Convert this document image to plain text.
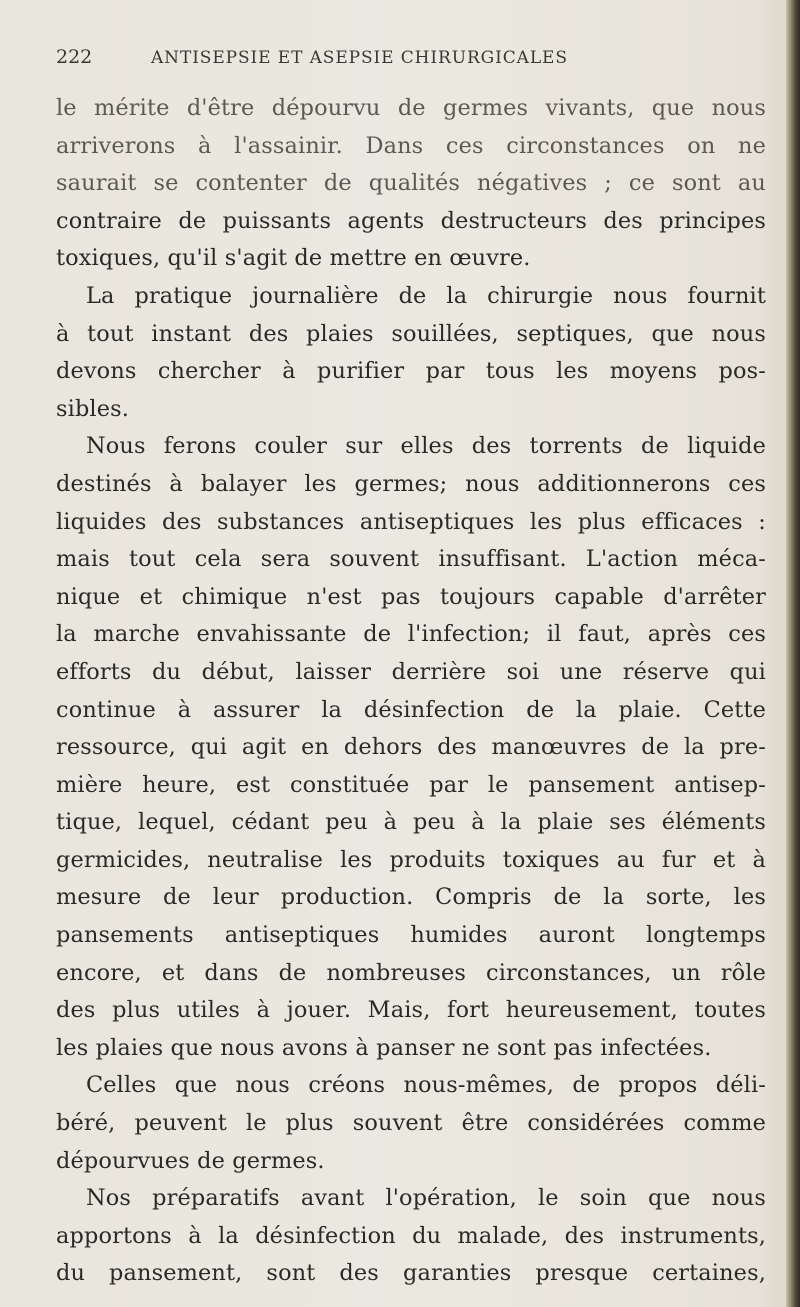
222	ANTISEPSIE ET ASEPSIE CHIRURGICALES
le mérite d'être dépourvu de germes vivants, que nous
arriverons à l'assainir. Dans ces circonstances on ne
saurait se contenter de qualités négatives ; ce sont au
contraire de puissants agents destructeurs des principes
toxiques, qu'il s'agit de mettre en œuvre.
La pratique journalière de la chirurgie nous fournit
à tout instant des plaies souillées, septiques, que nous
devons chercher à purifier par tous les moyens pos-
sibles.
Nous ferons couler sur elles des torrents de liquide
destinés à balayer les germes; nous additionnerons ces
liquides des substances antiseptiques les plus efficaces :
mais tout cela sera souvent insuffisant. L'action méca-
nique et chimique n'est pas toujours capable d'arrêter
la marche envahissante de l'infection; il faut, après ces
efforts du début, laisser derrière soi une réserve qui
continue à assurer la désinfection de la plaie. Cette
ressource, qui agit en dehors des manœuvres de la pre-
mière heure, est constituée par le pansement antisep-
tique, lequel, cédant peu à peu à la plaie ses éléments
germicides, neutralise les produits toxiques au fur et à
mesure de leur production. Compris de la sorte, les
pansements antiseptiques humides auront longtemps
encore, et dans de nombreuses circonstances, un rôle
des plus utiles à jouer. Mais, fort heureusement, toutes
les plaies que nous avons à panser ne sont pas infectées.
Celles que nous créons nous-mêmes, de propos déli-
béré, peuvent le plus souvent être considérées comme
dépourvues de germes.
Nos préparatifs avant l'opération, le soin que nous
apportons à la désinfection du malade, des instruments,
du pansement, sont des garanties presque certaines,
